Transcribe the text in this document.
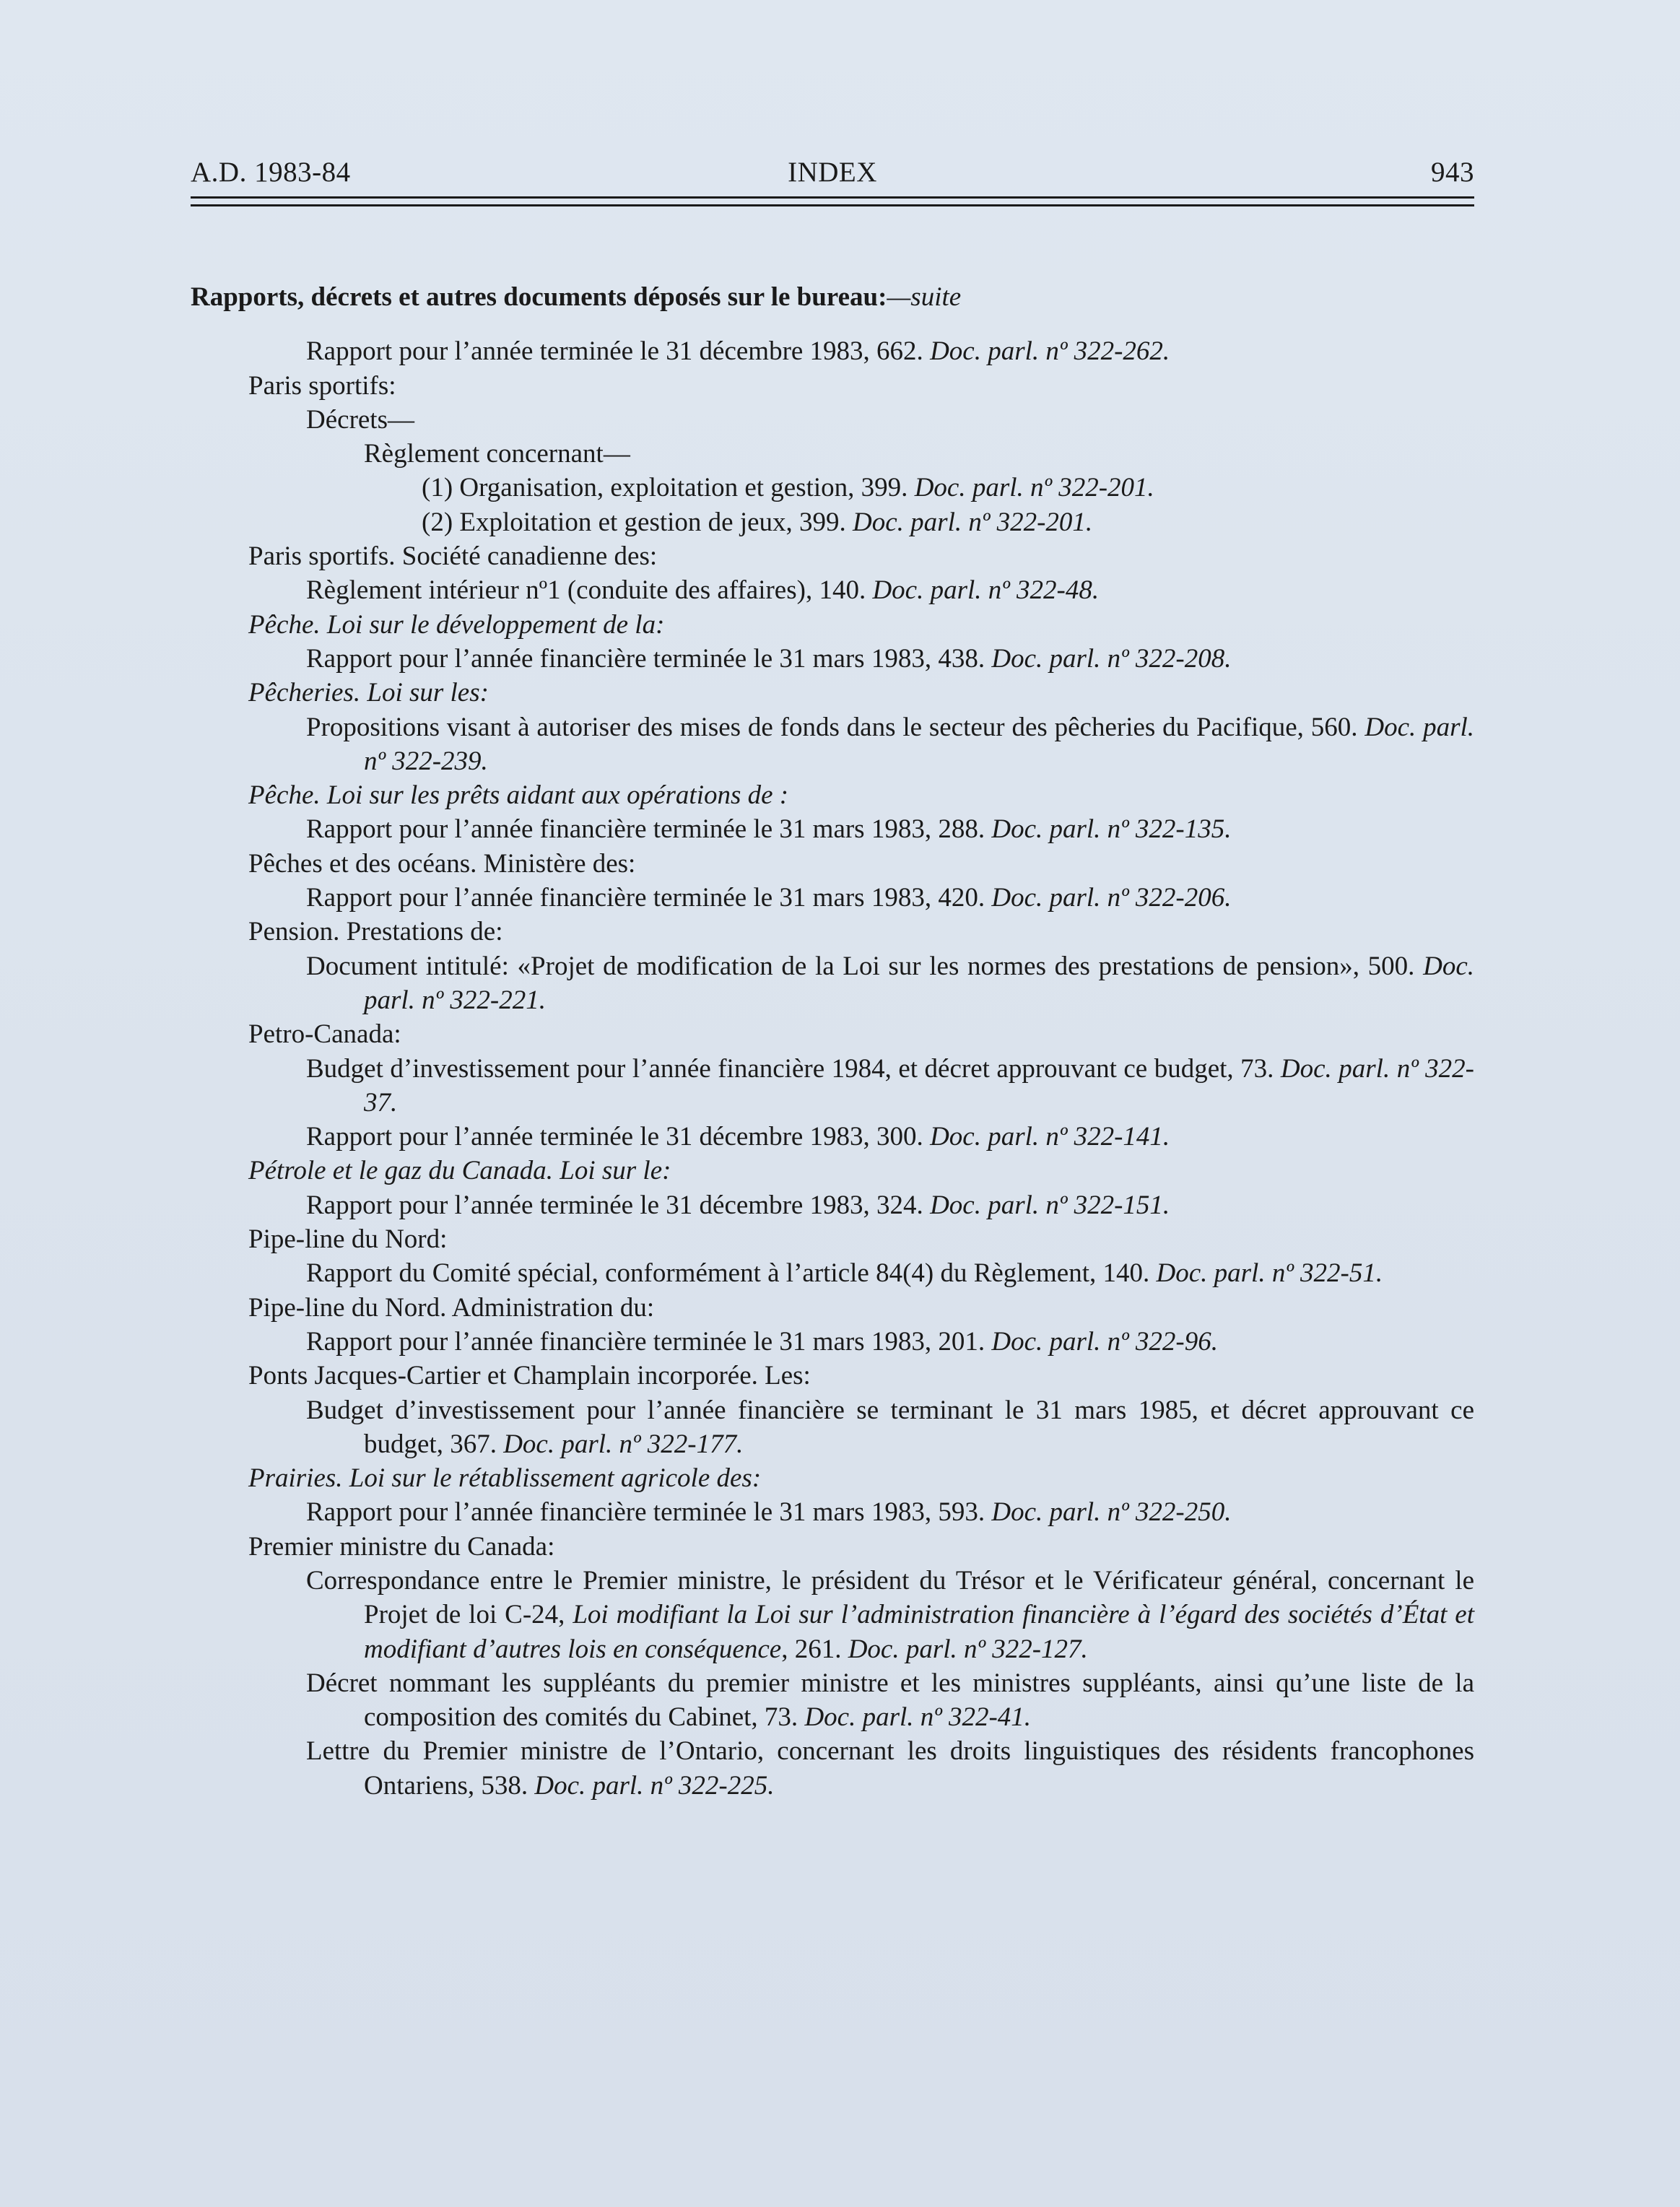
A.D. 1983-84	INDEX	943
Rapports, décrets et autres documents déposés sur le bureau:—suite
Rapport pour l’année terminée le 31 décembre 1983, 662. Doc. parl. nº 322-262.
Paris sportifs:
Décrets—
Règlement concernant—
(1) Organisation, exploitation et gestion, 399. Doc. parl. nº 322-201.
(2) Exploitation et gestion de jeux, 399. Doc. parl. nº 322-201.
Paris sportifs. Société canadienne des:
Règlement intérieur nº1 (conduite des affaires), 140. Doc. parl. nº 322-48.
Pêche. Loi sur le développement de la:
Rapport pour l’année financière terminée le 31 mars 1983, 438. Doc. parl. nº 322-208.
Pêcheries. Loi sur les:
Propositions visant à autoriser des mises de fonds dans le secteur des pêcheries du Pacifique, 560. Doc. parl. nº 322-239.
Pêche. Loi sur les prêts aidant aux opérations de :
Rapport pour l’année financière terminée le 31 mars 1983, 288. Doc. parl. nº 322-135.
Pêches et des océans. Ministère des:
Rapport pour l’année financière terminée le 31 mars 1983, 420. Doc. parl. nº 322-206.
Pension. Prestations de:
Document intitulé: «Projet de modification de la Loi sur les normes des prestations de pension», 500. Doc. parl. nº 322-221.
Petro-Canada:
Budget d’investissement pour l’année financière 1984, et décret approuvant ce budget, 73. Doc. parl. nº 322-37.
Rapport pour l’année terminée le 31 décembre 1983, 300. Doc. parl. nº 322-141.
Pétrole et le gaz du Canada. Loi sur le:
Rapport pour l’année terminée le 31 décembre 1983, 324. Doc. parl. nº 322-151.
Pipe-line du Nord:
Rapport du Comité spécial, conformément à l’article 84(4) du Règlement, 140. Doc. parl. nº 322-51.
Pipe-line du Nord. Administration du:
Rapport pour l’année financière terminée le 31 mars 1983, 201. Doc. parl. nº 322-96.
Ponts Jacques-Cartier et Champlain incorporée. Les:
Budget d’investissement pour l’année financière se terminant le 31 mars 1985, et décret approuvant ce budget, 367. Doc. parl. nº 322-177.
Prairies. Loi sur le rétablissement agricole des:
Rapport pour l’année financière terminée le 31 mars 1983, 593. Doc. parl. nº 322-250.
Premier ministre du Canada:
Correspondance entre le Premier ministre, le président du Trésor et le Vérificateur général, concernant le Projet de loi C-24, Loi modifiant la Loi sur l’administration financière à l’égard des sociétés d’État et modifiant d’autres lois en conséquence, 261. Doc. parl. nº 322-127.
Décret nommant les suppléants du premier ministre et les ministres suppléants, ainsi qu’une liste de la composition des comités du Cabinet, 73. Doc. parl. nº 322-41.
Lettre du Premier ministre de l’Ontario, concernant les droits linguistiques des résidents francophones Ontariens, 538. Doc. parl. nº 322-225.
